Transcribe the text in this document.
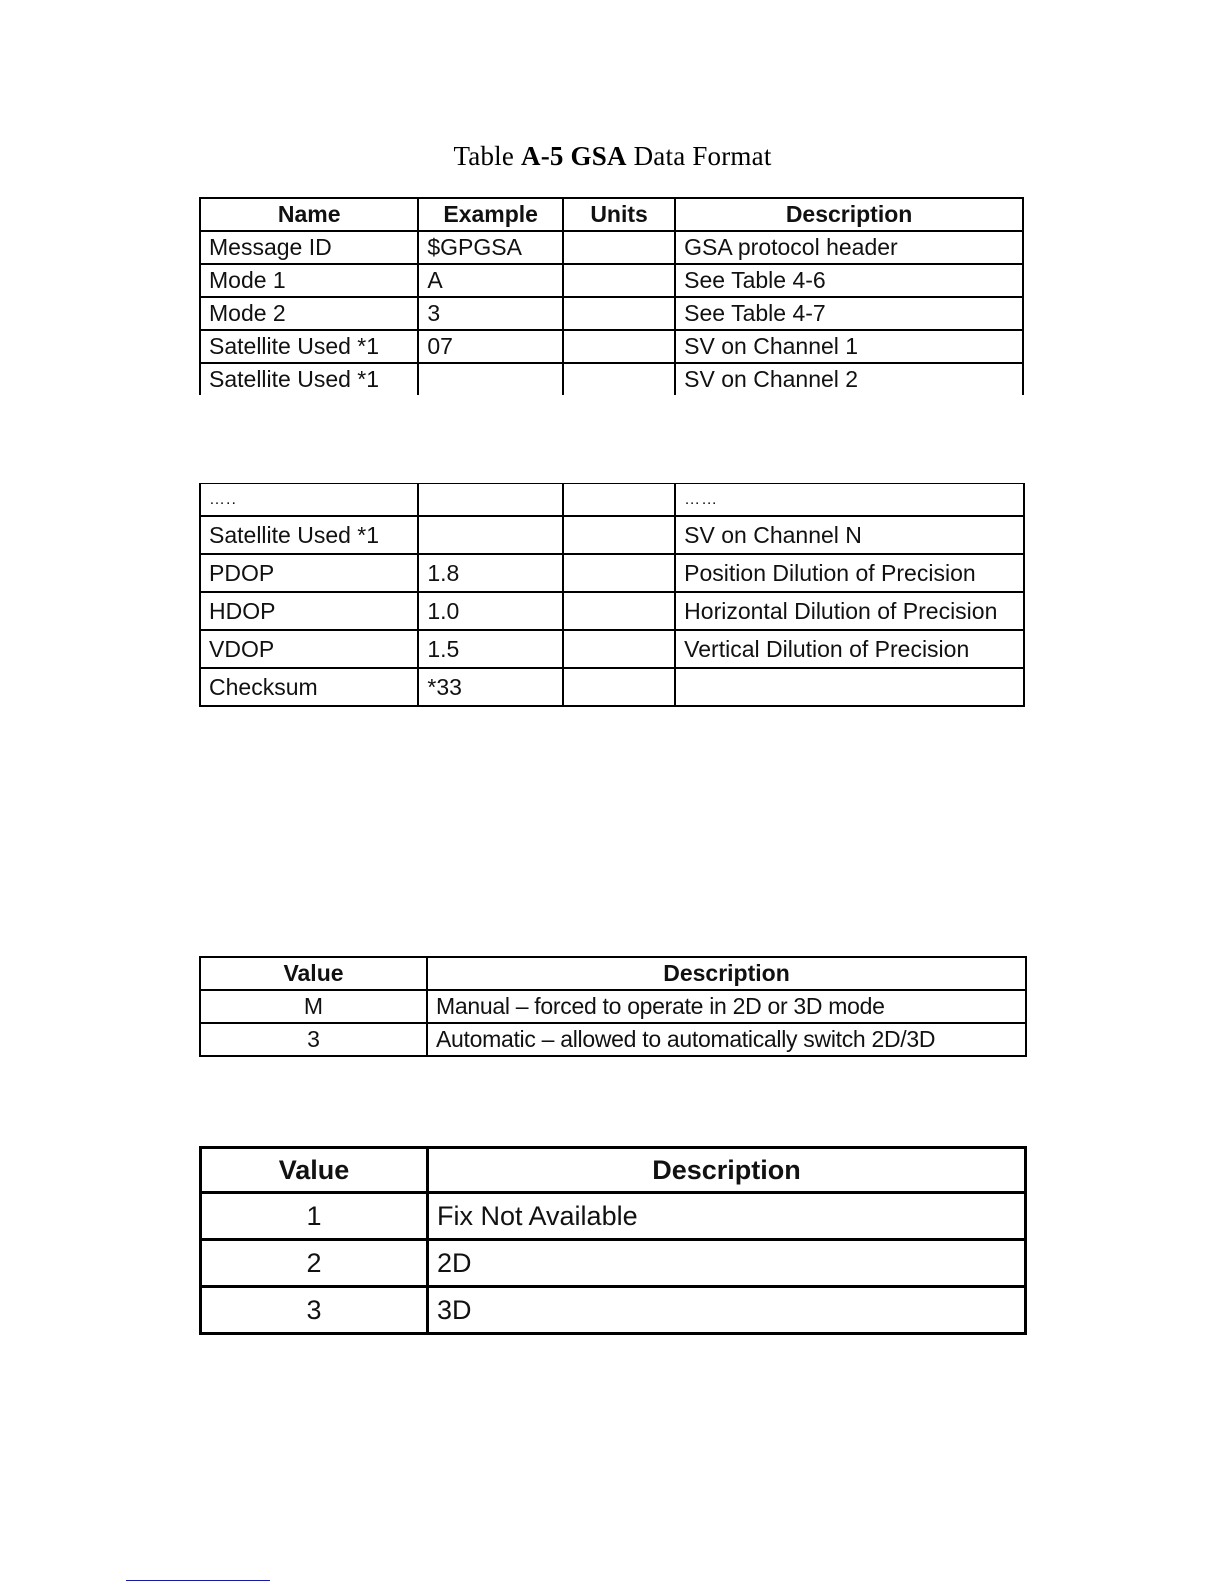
Table A-5 GSA Data Format
Name	Example	Units	Description
Message ID	$GPGSA		GSA protocol header
Mode 1	A		See Table 4-6
Mode 2	3		See Table 4-7
Satellite Used *1	07		SV on Channel 1
Satellite Used *1			SV on Channel 2
…..			……
Satellite Used *1			SV on Channel N
PDOP	1.8		Position Dilution of Precision
HDOP	1.0		Horizontal Dilution of Precision
VDOP	1.5		Vertical Dilution of Precision
Checksum	*33		
Value	Description
M	Manual – forced to operate in 2D or 3D mode
3	Automatic – allowed to automatically switch 2D/3D
Value	Description
1	Fix Not Available
2	2D
3	3D
